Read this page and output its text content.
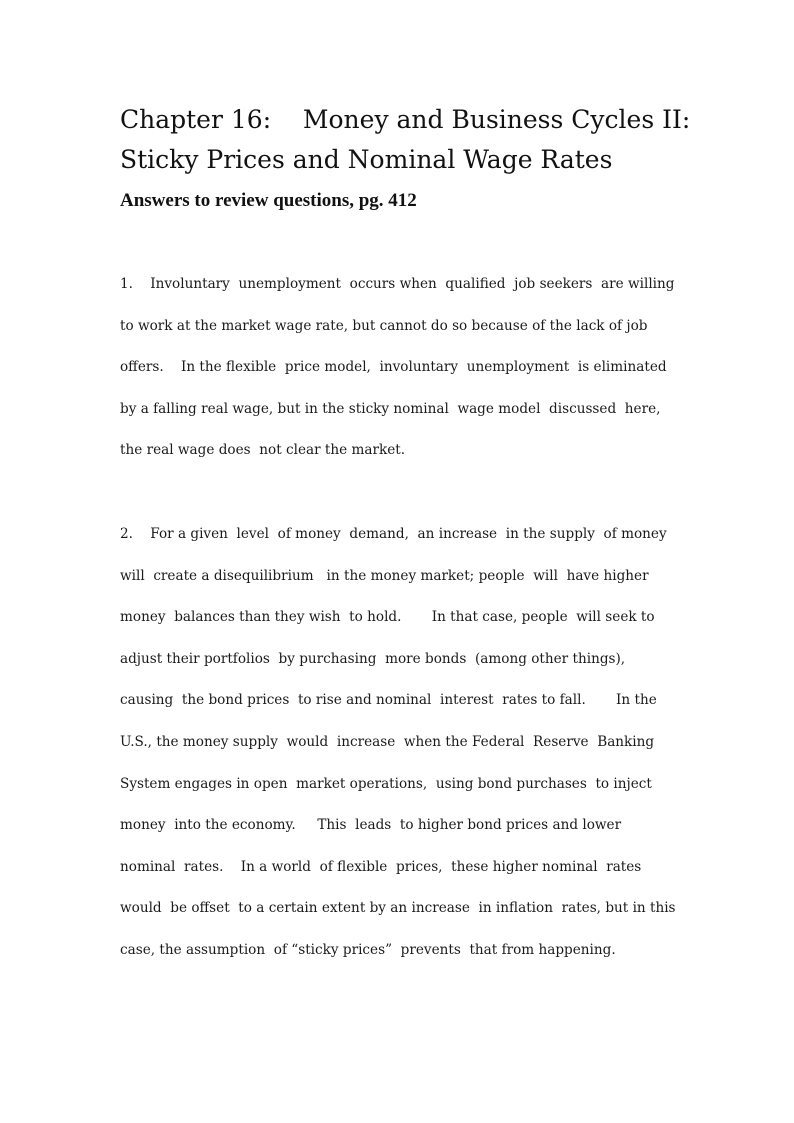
Chapter 16:    Money and Business Cycles II:
Sticky Prices and Nominal Wage Rates
Answers to review questions, pg. 412
1.    Involuntary  unemployment  occurs when  qualified  job seekers  are willing
to work at the market wage rate, but cannot do so because of the lack of job
offers.    In the flexible  price model,  involuntary  unemployment  is eliminated
by a falling real wage, but in the sticky nominal  wage model  discussed  here,
the real wage does  not clear the market.
2.    For a given  level  of money  demand,  an increase  in the supply  of money
will  create a disequilibrium   in the money market; people  will  have higher
money  balances than they wish  to hold.       In that case, people  will seek to
adjust their portfolios  by purchasing  more bonds  (among other things),
causing  the bond prices  to rise and nominal  interest  rates to fall.       In the
U.S., the money supply  would  increase  when the Federal  Reserve  Banking
System engages in open  market operations,  using bond purchases  to inject
money  into the economy.     This  leads  to higher bond prices and lower
nominal  rates.    In a world  of flexible  prices,  these higher nominal  rates
would  be offset  to a certain extent by an increase  in inflation  rates, but in this
case, the assumption  of “sticky prices”  prevents  that from happening.
